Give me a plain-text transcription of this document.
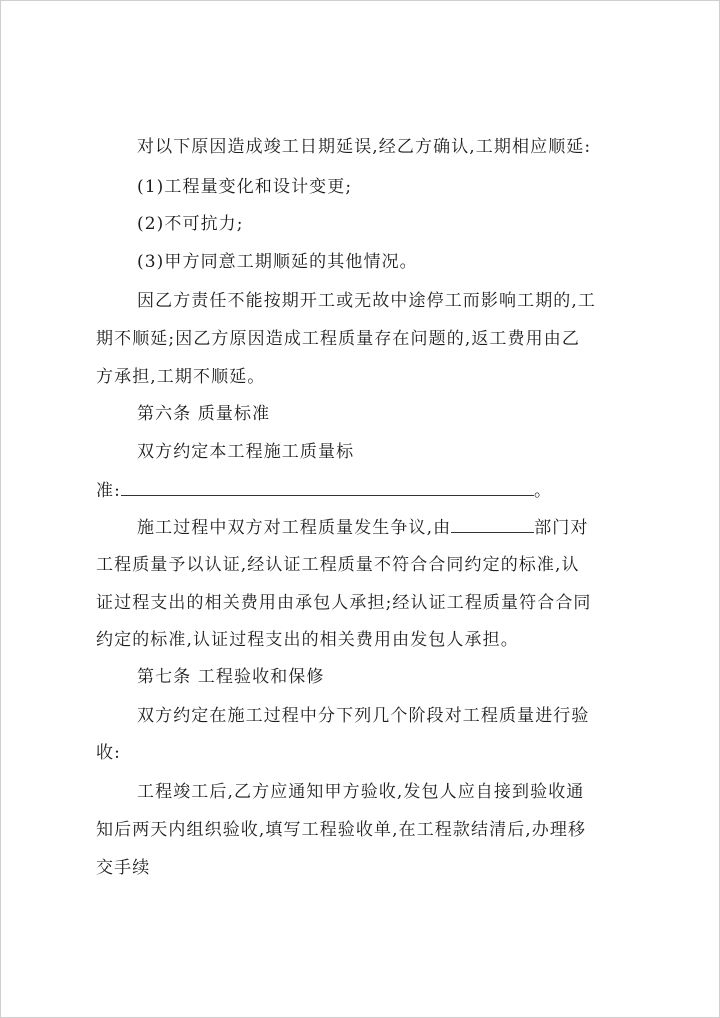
对以下原因造成竣工日期延误,经乙方确认,工期相应顺延:
(1)工程量变化和设计变更;
(2)不可抗力;
(3)甲方同意工期顺延的其他情况。
因乙方责任不能按期开工或无故中途停工而影响工期的,工
期不顺延;因乙方原因造成工程质量存在问题的,返工费用由乙
方承担,工期不顺延。
第六条 质量标准
双方约定本工程施工质量标
准:	。
施工过程中双方对工程质量发生争议,由	部门对
工程质量予以认证,经认证工程质量不符合合同约定的标准,认
证过程支出的相关费用由承包人承担;经认证工程质量符合合同
约定的标准,认证过程支出的相关费用由发包人承担。
第七条 工程验收和保修
双方约定在施工过程中分下列几个阶段对工程质量进行验
收:
工程竣工后,乙方应通知甲方验收,发包人应自接到验收通
知后两天内组织验收,填写工程验收单,在工程款结清后,办理移
交手续
